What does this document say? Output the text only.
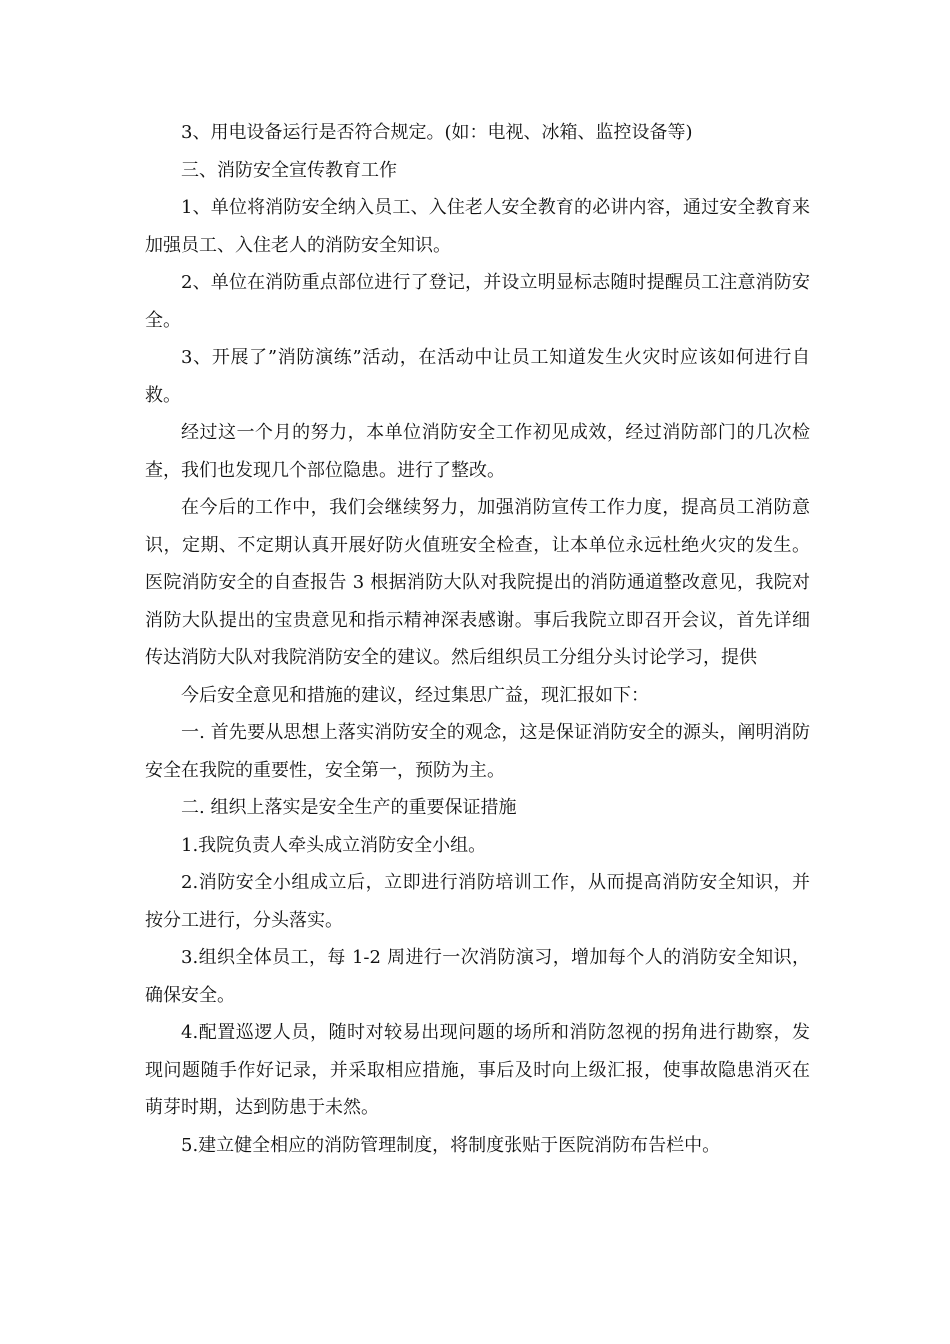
3、用电设备运行是否符合规定。(如：电视、冰箱、监控设备等)

三、消防安全宣传教育工作

1、单位将消防安全纳入员工、入住老人安全教育的必讲内容，通过安全教育来加强员工、入住老人的消防安全知识。

2、单位在消防重点部位进行了登记，并设立明显标志随时提醒员工注意消防安全。

3、开展了”消防演练”活动，在活动中让员工知道发生火灾时应该如何进行自救。

经过这一个月的努力，本单位消防安全工作初见成效，经过消防部门的几次检查，我们也发现几个部位隐患。进行了整改。

在今后的工作中，我们会继续努力，加强消防宣传工作力度，提高员工消防意识，定期、不定期认真开展好防火值班安全检查，让本单位永远杜绝火灾的发生。 医院消防安全的自查报告 3 根据消防大队对我院提出的消防通道整改意见，我院对消防大队提出的宝贵意见和指示精神深表感谢。事后我院立即召开会议，首先详细传达消防大队对我院消防安全的建议。然后组织员工分组分头讨论学习，提供

今后安全意见和措施的建议，经过集思广益，现汇报如下：

一. 首先要从思想上落实消防安全的观念，这是保证消防安全的源头，阐明消防安全在我院的重要性，安全第一，预防为主。

二. 组织上落实是安全生产的重要保证措施

1.我院负责人牵头成立消防安全小组。

2.消防安全小组成立后，立即进行消防培训工作，从而提高消防安全知识，并按分工进行，分头落实。

3.组织全体员工，每 1-2 周进行一次消防演习，增加每个人的消防安全知识，确保安全。

4.配置巡逻人员，随时对较易出现问题的场所和消防忽视的拐角进行勘察，发现问题随手作好记录，并采取相应措施，事后及时向上级汇报，使事故隐患消灭在萌芽时期，达到防患于未然。

5.建立健全相应的消防管理制度，将制度张贴于医院消防布告栏中。
